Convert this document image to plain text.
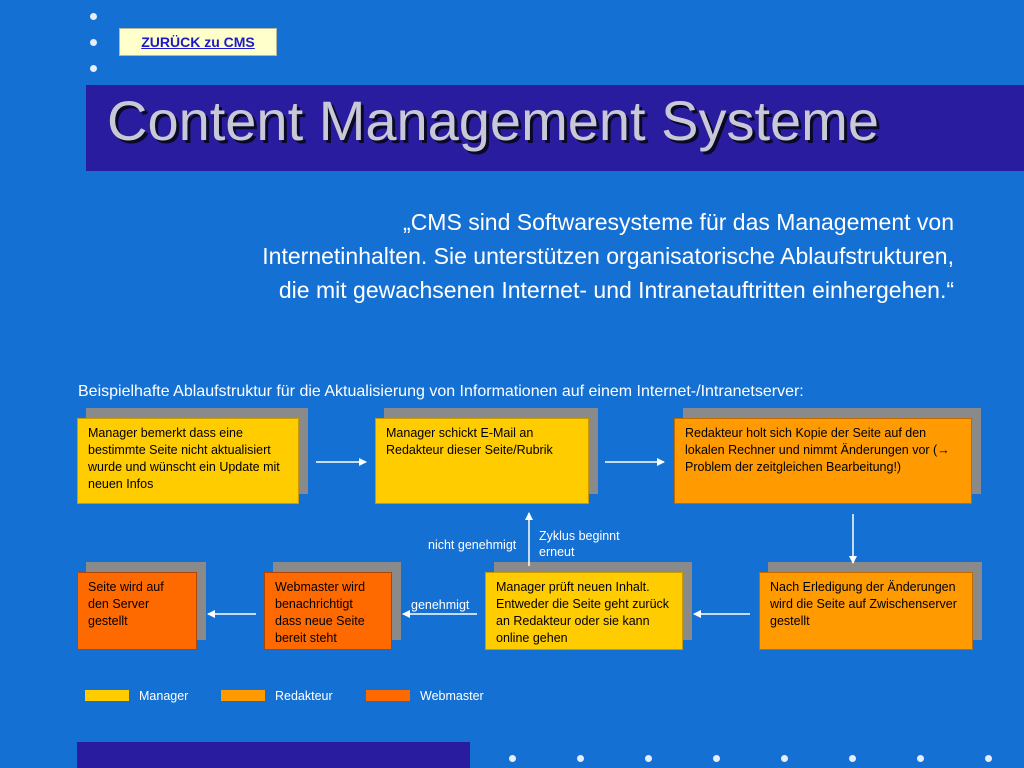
ZURÜCK zu CMS
Content Management Systeme
„CMS sind Softwaresysteme für das Management von
Internetinhalten. Sie unterstützen organisatorische Ablaufstrukturen,
die mit gewachsenen Internet- und Intranetauftritten einhergehen.“
Beispielhafte Ablaufstruktur für die Aktualisierung von Informationen auf einem Internet-/Intranetserver:
Manager bemerkt dass eine bestimmte Seite nicht aktualisiert wurde und wünscht ein Update mit neuen Infos
Manager schickt E-Mail an Redakteur dieser Seite/Rubrik
Redakteur holt sich Kopie der Seite auf den lokalen Rechner und nimmt Änderungen vor (→ Problem der zeitgleichen Bearbeitung!)
Nach Erledigung der Änderungen wird die Seite auf Zwischenserver gestellt
Manager prüft neuen Inhalt. Entweder die Seite geht zurück an Redakteur oder sie kann online gehen
Webmaster wird benachrichtigt dass neue Seite bereit steht
Seite wird auf den Server gestellt
nicht genehmigt
Zyklus beginnt erneut
genehmigt
Manager	Redakteur	Webmaster
